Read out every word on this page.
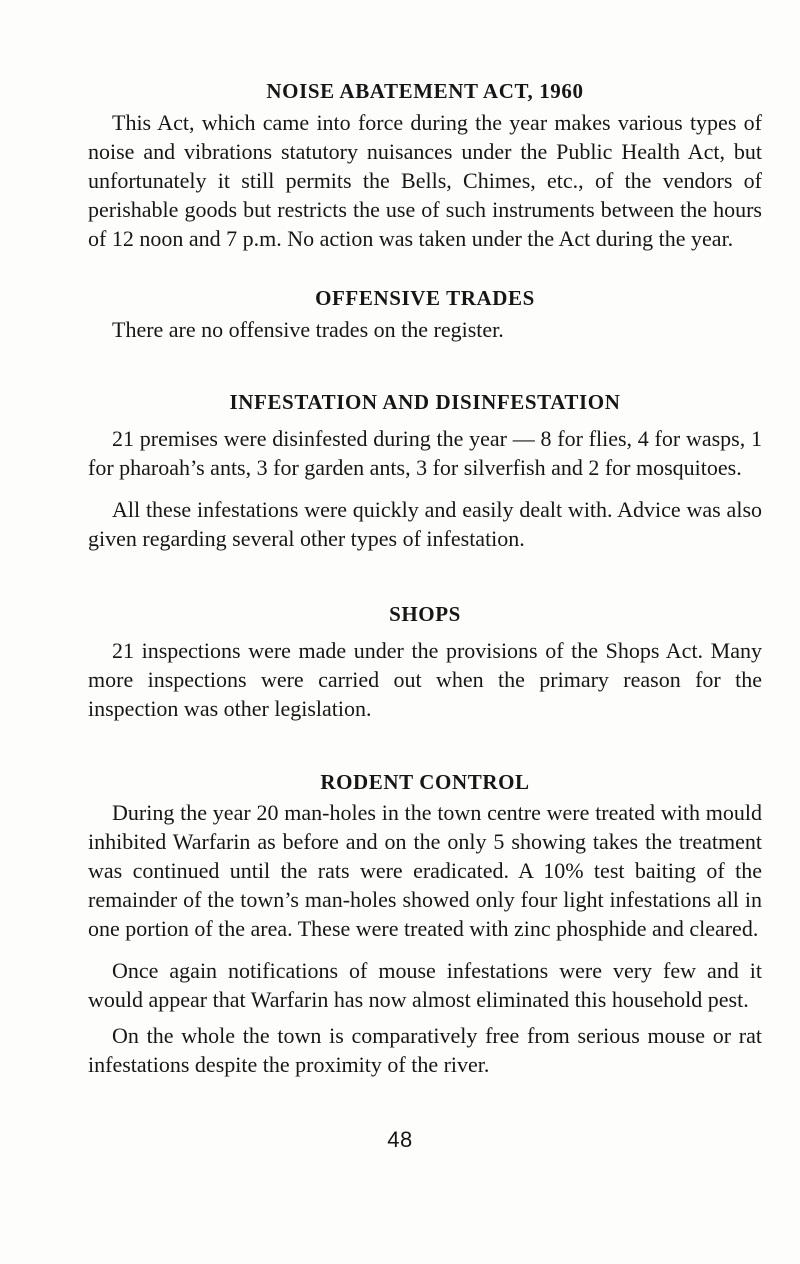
NOISE ABATEMENT ACT, 1960

This Act, which came into force during the year makes various types of noise and vibrations statutory nuisances under the Public Health Act, but unfortunately it still permits the Bells, Chimes, etc., of the vendors of perishable goods but restricts the use of such instruments between the hours of 12 noon and 7 p.m. No action was taken under the Act during the year.

OFFENSIVE TRADES

There are no offensive trades on the register.

INFESTATION AND DISINFESTATION

21 premises were disinfested during the year — 8 for flies, 4 for wasps, 1 for pharoah’s ants, 3 for garden ants, 3 for silverfish and 2 for mosquitoes.

All these infestations were quickly and easily dealt with. Advice was also given regarding several other types of infestation.

SHOPS

21 inspections were made under the provisions of the Shops Act. Many more inspections were carried out when the primary reason for the inspection was other legislation.

RODENT CONTROL

During the year 20 man-holes in the town centre were treated with mould inhibited Warfarin as before and on the only 5 showing takes the treatment was continued until the rats were eradicated. A 10% test baiting of the remainder of the town’s man-holes showed only four light infestations all in one portion of the area. These were treated with zinc phosphide and cleared.

Once again notifications of mouse infestations were very few and it would appear that Warfarin has now almost eliminated this household pest.

On the whole the town is comparatively free from serious mouse or rat infestations despite the proximity of the river.

48
